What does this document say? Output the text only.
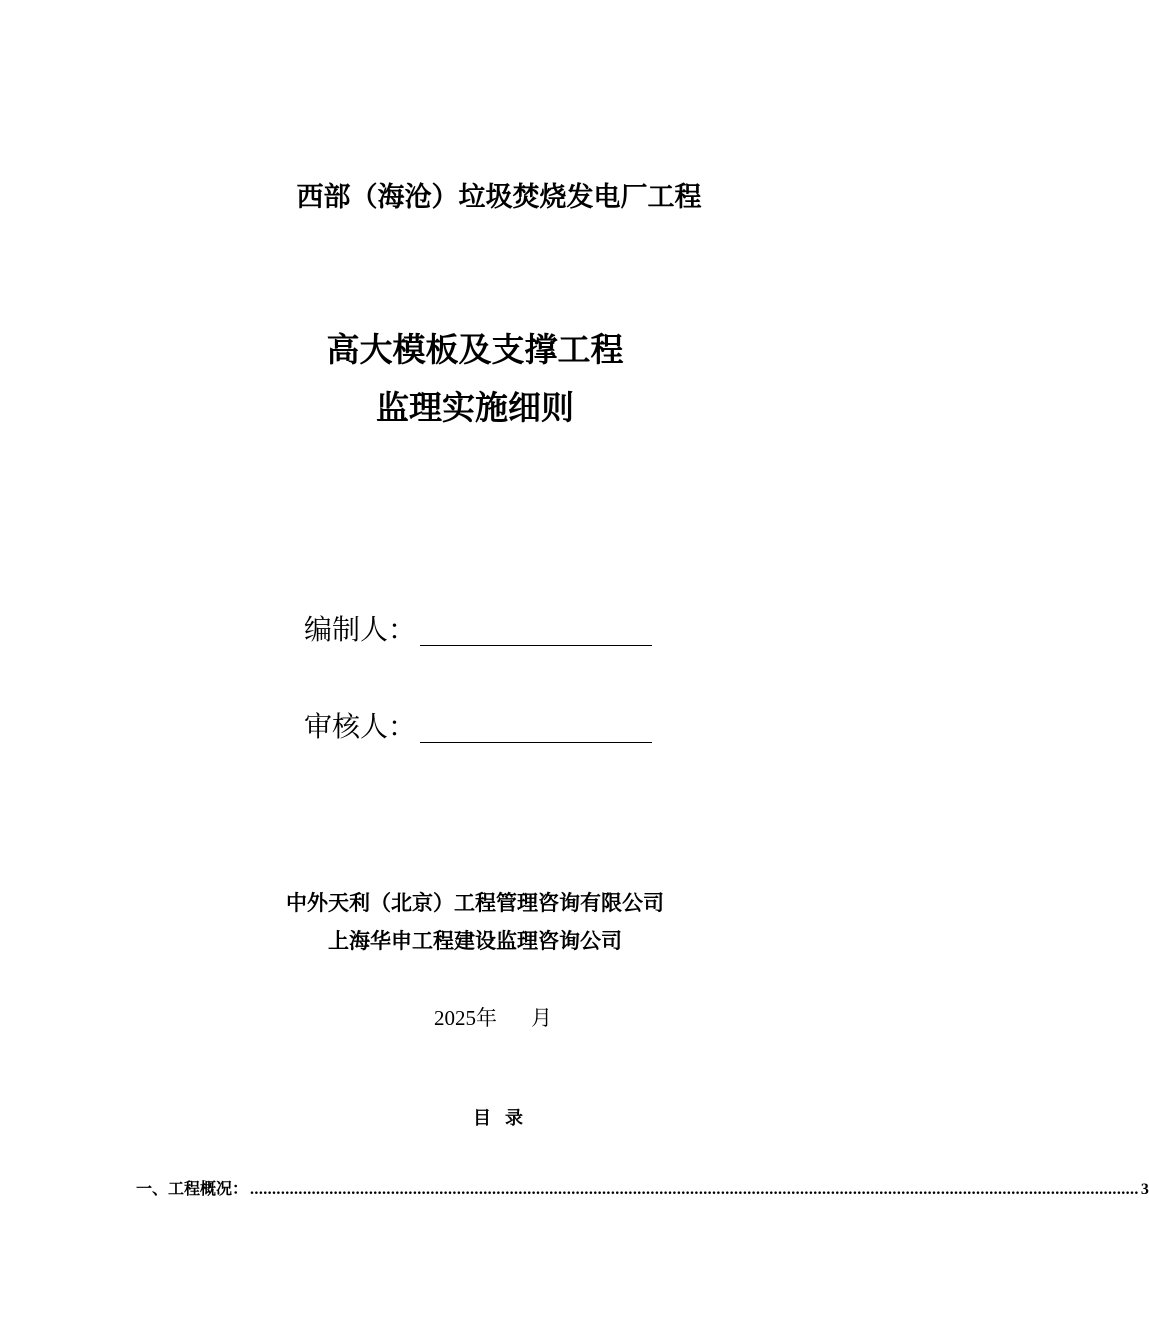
西部（海沧）垃圾焚烧发电厂工程
高大模板及支撑工程
监理实施细则
编制人：
审核人：
中外天利（北京）工程管理咨询有限公司
上海华申工程建设监理咨询公司
2025年 月
目录
一、工程概况： .......................................................................................................................................................................................................... 3
